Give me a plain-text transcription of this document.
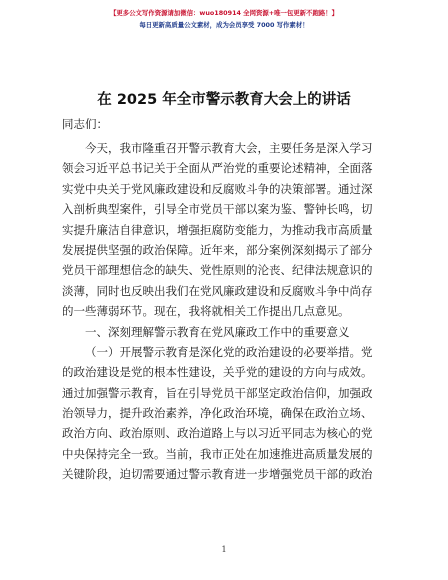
【更多公文写作资源请加微信：wuo180914 全网资源+唯一包更新不跑路！】
每日更新高质量公文素材，成为会员享受 7000 写作素材！
在 2025 年全市警示教育大会上的讲话
同志们：
今天，我市隆重召开警示教育大会，主要任务是深入学习
领会习近平总书记关于全面从严治党的重要论述精神，全面落
实党中央关于党风廉政建设和反腐败斗争的决策部署。通过深
入剖析典型案件，引导全市党员干部以案为鉴、警钟长鸣，切
实提升廉洁自律意识，增强拒腐防变能力，为推动我市高质量
发展提供坚强的政治保障。近年来，部分案例深刻揭示了部分
党员干部理想信念的缺失、党性原则的沦丧、纪律法规意识的
淡薄，同时也反映出我们在党风廉政建设和反腐败斗争中尚存
的一些薄弱环节。现在，我将就相关工作提出几点意见。
一、深刻理解警示教育在党风廉政工作中的重要意义
（一）开展警示教育是深化党的政治建设的必要举措。党
的政治建设是党的根本性建设，关乎党的建设的方向与成效。
通过加强警示教育，旨在引导党员干部坚定政治信仰，加强政
治领导力，提升政治素养，净化政治环境，确保在政治立场、
政治方向、政治原则、政治道路上与以习近平同志为核心的党
中央保持完全一致。当前，我市正处在加速推进高质量发展的
关键阶段，迫切需要通过警示教育进一步增强党员干部的政治
1
